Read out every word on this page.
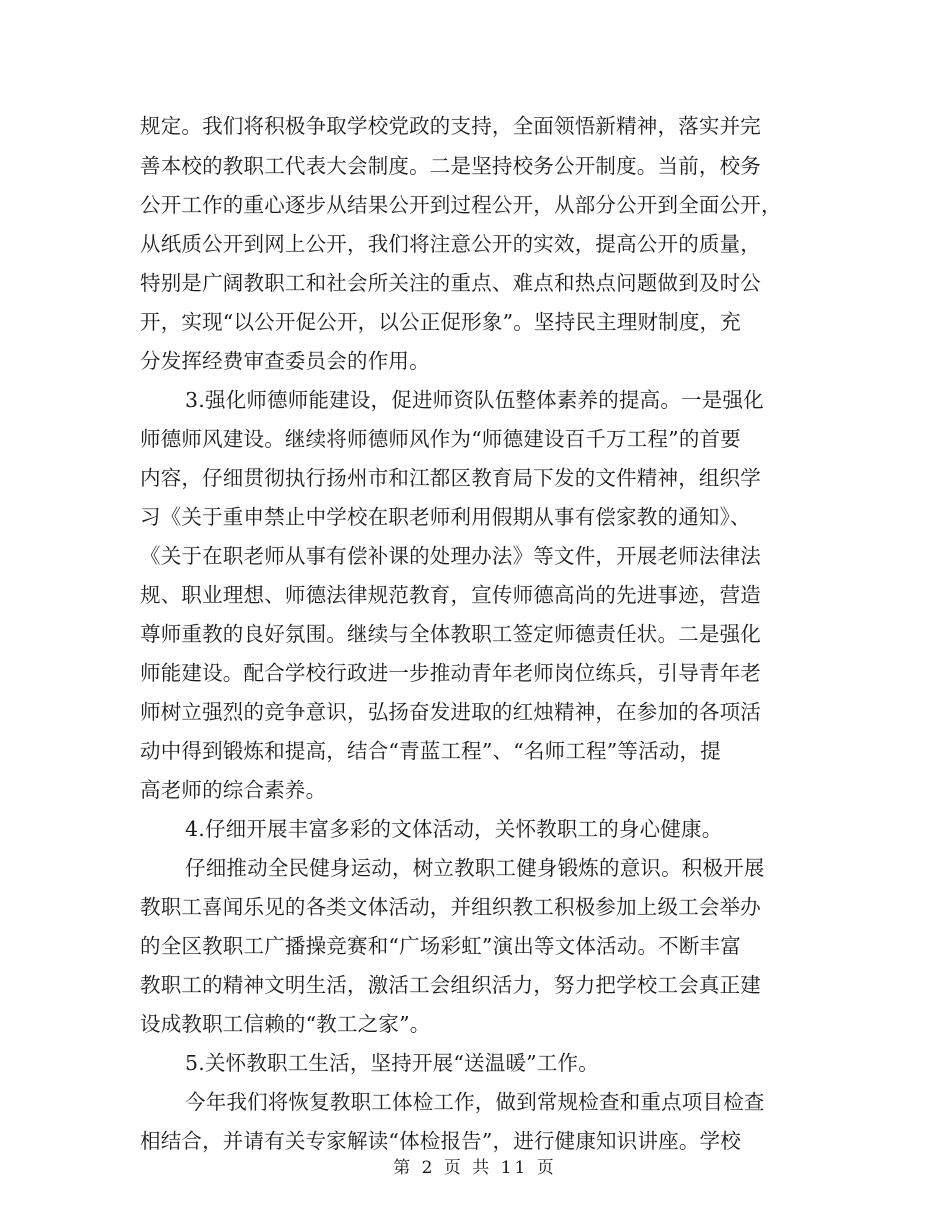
规定。我们将积极争取学校党政的支持，全面领悟新精神，落实并完
善本校的教职工代表大会制度。二是坚持校务公开制度。当前，校务
公开工作的重心逐步从结果公开到过程公开，从部分公开到全面公开，
从纸质公开到网上公开，我们将注意公开的实效，提高公开的质量，
特别是广阔教职工和社会所关注的重点、难点和热点问题做到及时公
开，实现“以公开促公开，以公正促形象”。坚持民主理财制度，充
分发挥经费审查委员会的作用。
3.强化师德师能建设，促进师资队伍整体素养的提高。一是强化
师德师风建设。继续将师德师风作为“师德建设百千万工程”的首要
内容，仔细贯彻执行扬州市和江都区教育局下发的文件精神，组织学
习《关于重申禁止中学校在职老师利用假期从事有偿家教的通知》、
《关于在职老师从事有偿补课的处理办法》等文件，开展老师法律法
规、职业理想、师德法律规范教育，宣传师德高尚的先进事迹，营造
尊师重教的良好氛围。继续与全体教职工签定师德责任状。二是强化
师能建设。配合学校行政进一步推动青年老师岗位练兵，引导青年老
师树立强烈的竞争意识，弘扬奋发进取的红烛精神，在参加的各项活
动中得到锻炼和提高，结合“青蓝工程”、“名师工程”等活动，提
高老师的综合素养。
4.仔细开展丰富多彩的文体活动，关怀教职工的身心健康。
仔细推动全民健身运动，树立教职工健身锻炼的意识。积极开展
教职工喜闻乐见的各类文体活动，并组织教工积极参加上级工会举办
的全区教职工广播操竞赛和“广场彩虹”演出等文体活动。不断丰富
教职工的精神文明生活，激活工会组织活力，努力把学校工会真正建
设成教职工信赖的“教工之家”。
5.关怀教职工生活，坚持开展“送温暖”工作。
今年我们将恢复教职工体检工作，做到常规检查和重点项目检查
相结合，并请有关专家解读“体检报告”，进行健康知识讲座。学校
第 2 页 共 11 页
